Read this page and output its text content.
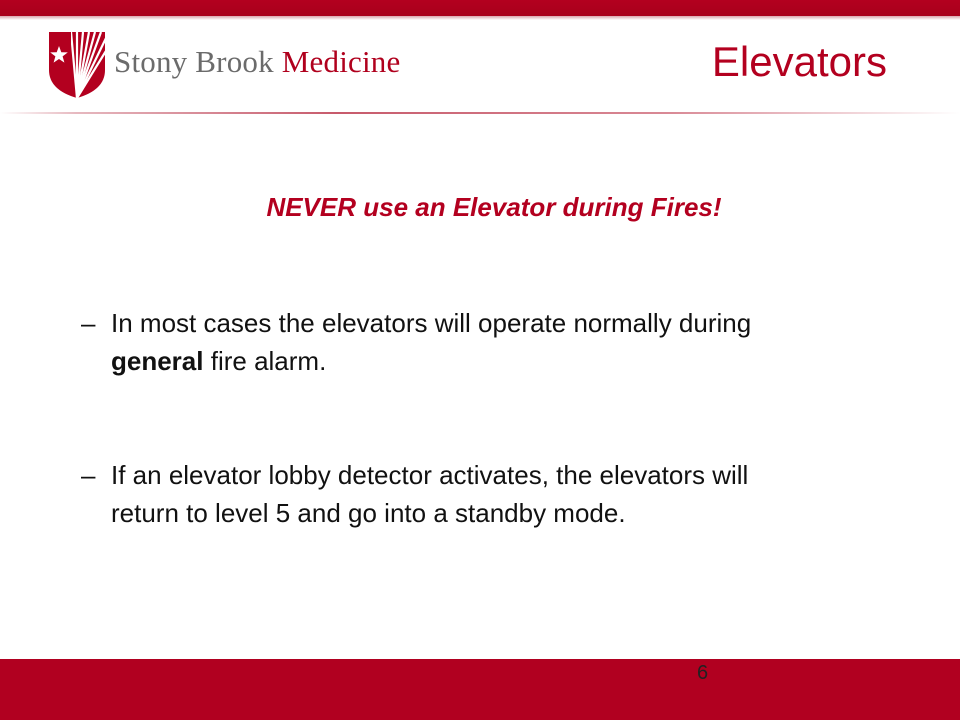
Stony Brook Medicine	Elevators
NEVER use an Elevator during Fires!
– In most cases the elevators will operate normally during general fire alarm.
– If an elevator lobby detector activates, the elevators will return to level 5 and go into a standby mode.
6
